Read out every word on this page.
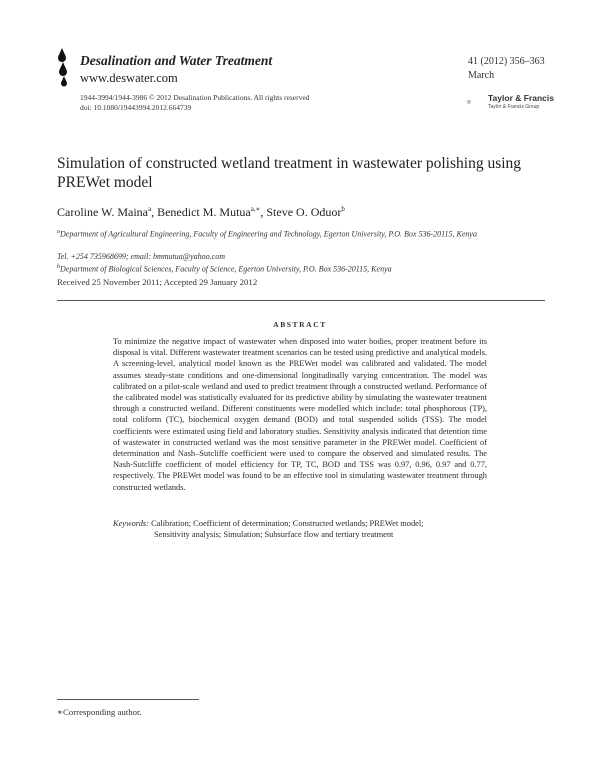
Desalination and Water Treatment
www.deswater.com
1944-3994/1944-3986 © 2012 Desalination Publications. All rights reserved
doi: 10.1080/19443994.2012.664739
41 (2012) 356–363
March
Taylor & Francis
Taylor & Francis Group
Simulation of constructed wetland treatment in wastewater polishing using PREWet model
Caroline W. Maina$^a$, Benedict M. Mutua$^{a,∗}$, Steve O. Oduor$^b$
$^a$Department of Agricultural Engineering, Faculty of Engineering and Technology, Egerton University, P.O. Box 536-20115, Kenya
Tel. +254 735968699; email: bmmutua@yahoo.com
$^b$Department of Biological Sciences, Faculty of Science, Egerton University, P.O. Box 536-20115, Kenya
Received 25 November 2011; Accepted 29 January 2012
ABSTRACT
To minimize the negative impact of wastewater when disposed into water bodies, proper treatment before its disposal is vital. Different wastewater treatment scenarios can be tested using predictive and analytical models. A screening-level, analytical model known as the PREWet model was calibrated and validated. The model assumes steady-state conditions and one-dimensional longitudinally varying concentration. The model was calibrated on a pilot-scale wetland and used to predict treatment through a constructed wetland. Performance of the calibrated model was statistically evaluated for its predictive ability by simulating the wastewater treatment through a constructed wetland. Different constituents were modelled which include: total phosphorous (TP), total coliform (TC), biochemical oxygen demand (BOD) and total suspended solids (TSS). The model coefficients were estimated using field and laboratory studies. Sensitivity analysis indicated that detention time of wastewater in constructed wetland was the most sensitive parameter in the PREWet model. Coefficient of determination and Nash–Sutcliffe coefficient were used to compare the observed and simulated results. The Nash-Sutcliffe coefficient of model efficiency for TP, TC, BOD and TSS was 0.97, 0.96, 0.97 and 0.77, respectively. The PREWet model was found to be an effective tool in simulating wastewater treatment through constructed wetlands.
Keywords: Calibration; Coefficient of determination; Constructed wetlands; PREWet model;
Sensitivity analysis; Simulation; Subsurface flow and tertiary treatment
∗Corresponding author.
